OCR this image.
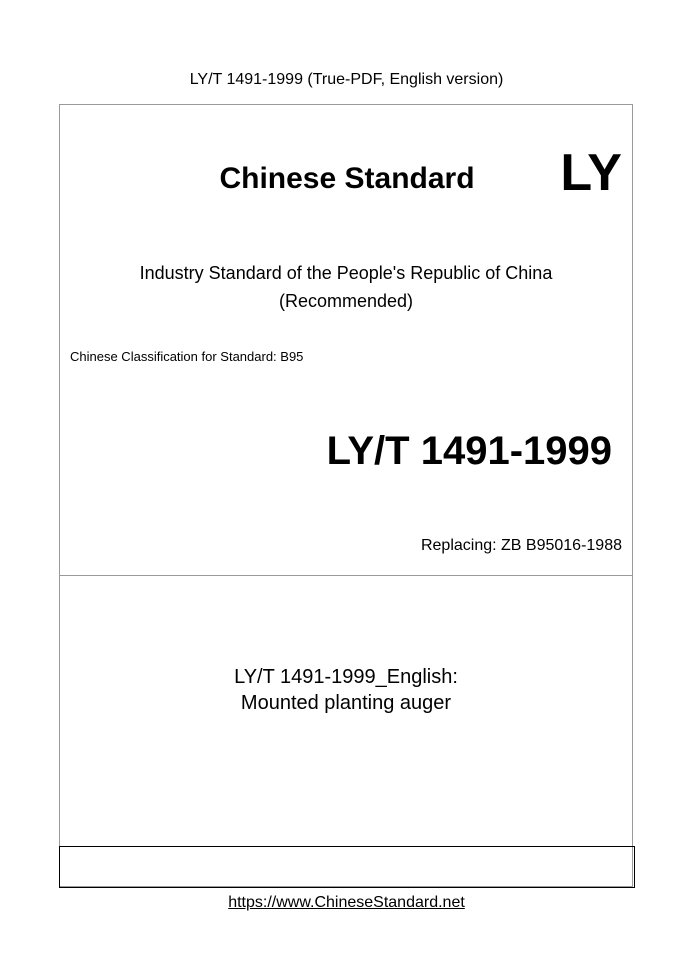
LY/T 1491-1999 (True-PDF, English version)
Chinese Standard	LY
Industry Standard of the People's Republic of China
(Recommended)
Chinese Classification for Standard: B95
LY/T 1491-1999
Replacing: ZB B95016-1988
LY/T 1491-1999_English:
Mounted planting auger
https://www.ChineseStandard.net
